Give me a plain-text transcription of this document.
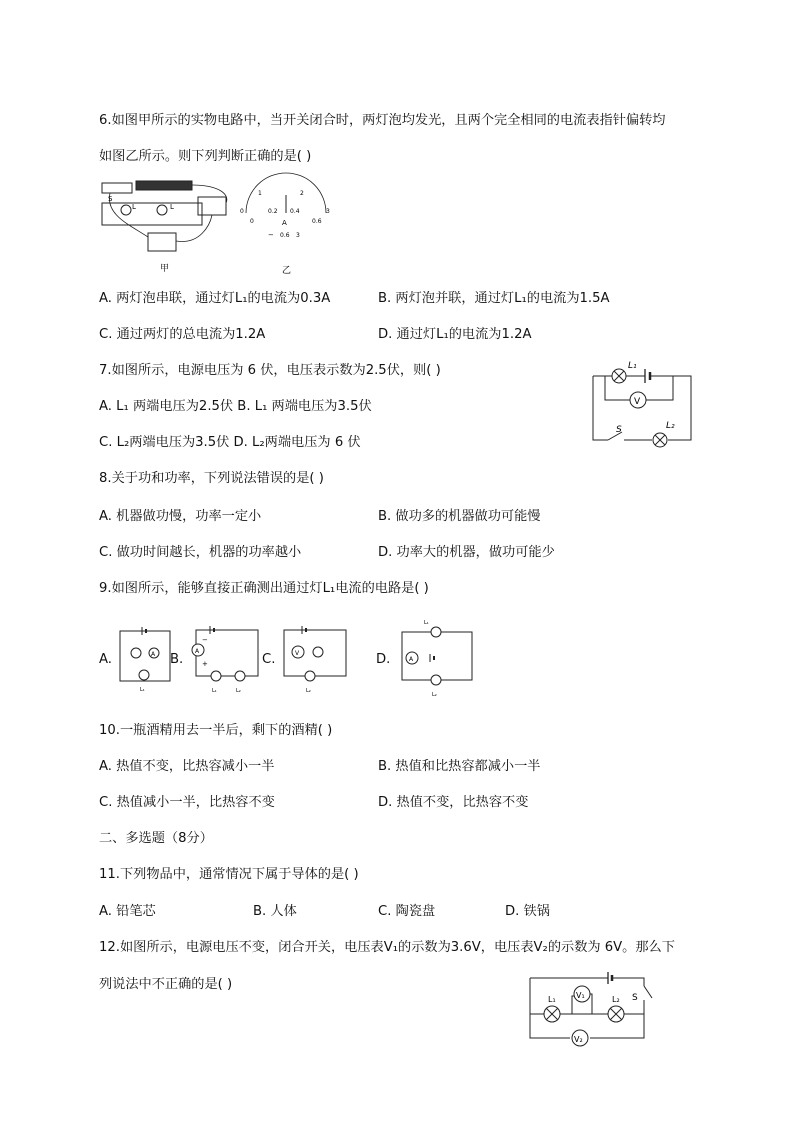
6.如图甲所示的实物电路中，当开关闭合时，两灯泡均发光，且两个完全相同的电流表指针偏转均
如图乙所示。则下列判断正确的是( )
S
L
L
甲
0
1	2
3
0
0.2 0.4
0.6
A
− 0.6 3
乙
A. 两灯泡串联，通过灯L₁的电流为0.3A	B. 两灯泡并联，通过灯L₁的电流为1.5A
C. 通过两灯的总电流为1.2A	D. 通过灯L₁的电流为1.2A
7.如图所示，电源电压为 6 伏，电压表示数为2.5伏，则( )
A. L₁ 两端电压为2.5伏 B. L₁ 两端电压为3.5伏
C. L₂两端电压为3.5伏 D. L₂两端电压为 6 伏
V
L₁
L₂
S
8.关于功和功率，下列说法错误的是( )
A. 机器做功慢，功率一定小	B. 做功多的机器做功可能慢
C. 做功时间越长，机器的功率越小	D. 功率大的机器，做功可能少
9.如图所示，能够直接正确测出通过灯L₁电流的电路是( )
A.	A
L₁
B.
A
−
+
L₁	L₂
C.	V
L₂
D.
L₁
A
L₂
10.一瓶酒精用去一半后，剩下的酒精( )
A. 热值不变，比热容减小一半	B. 热值和比热容都减小一半
C. 热值减小一半，比热容不变	D. 热值不变，比热容不变
二、多选题（8分）
11.下列物品中，通常情况下属于导体的是( )
A. 铅笔芯	B. 人体	C. 陶瓷盘	D. 铁锅
12.如图所示，电源电压不变，闭合开关，电压表V₁的示数为3.6V，电压表V₂的示数为 6V。那么下
列说法中不正确的是( )
V₁
V₂
L₁	L₂ S
